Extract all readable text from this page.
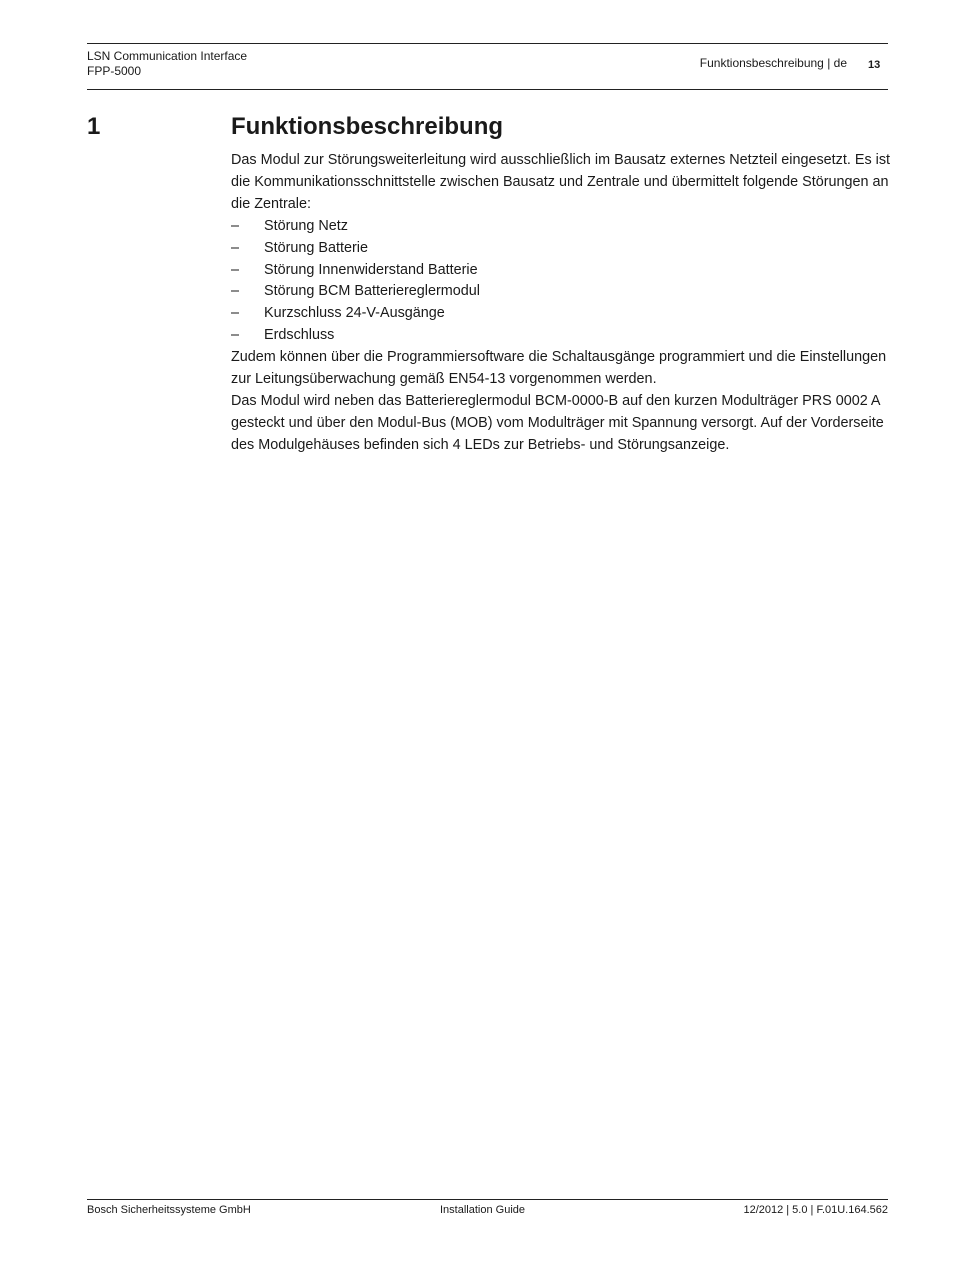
LSN Communication Interface
FPP-5000
Funktionsbeschreibung | de 13
1	Funktionsbeschreibung

Das Modul zur Störungsweiterleitung wird ausschließlich im Bausatz externes Netzteil eingesetzt. Es ist die Kommunikationsschnittstelle zwischen Bausatz und Zentrale und übermittelt folgende Störungen an die Zentrale:

– Störung Netz
– Störung Batterie
– Störung Innenwiderstand Batterie
– Störung BCM Batteriereglermodul
– Kurzschluss 24-V-Ausgänge
– Erdschluss

Zudem können über die Programmiersoftware die Schaltausgänge programmiert und die Einstellungen zur Leitungsüberwachung gemäß EN54-13 vorgenommen werden.

Das Modul wird neben das Batteriereglermodul BCM-0000-B auf den kurzen Modulträger PRS 0002 A gesteckt und über den Modul-Bus (MOB) vom Modulträger mit Spannung versorgt. Auf der Vorderseite des Modulgehäuses befinden sich 4 LEDs zur Betriebs- und Störungsanzeige.

Bosch Sicherheitssysteme GmbH	Installation Guide	12/2012 | 5.0 | F.01U.164.562
